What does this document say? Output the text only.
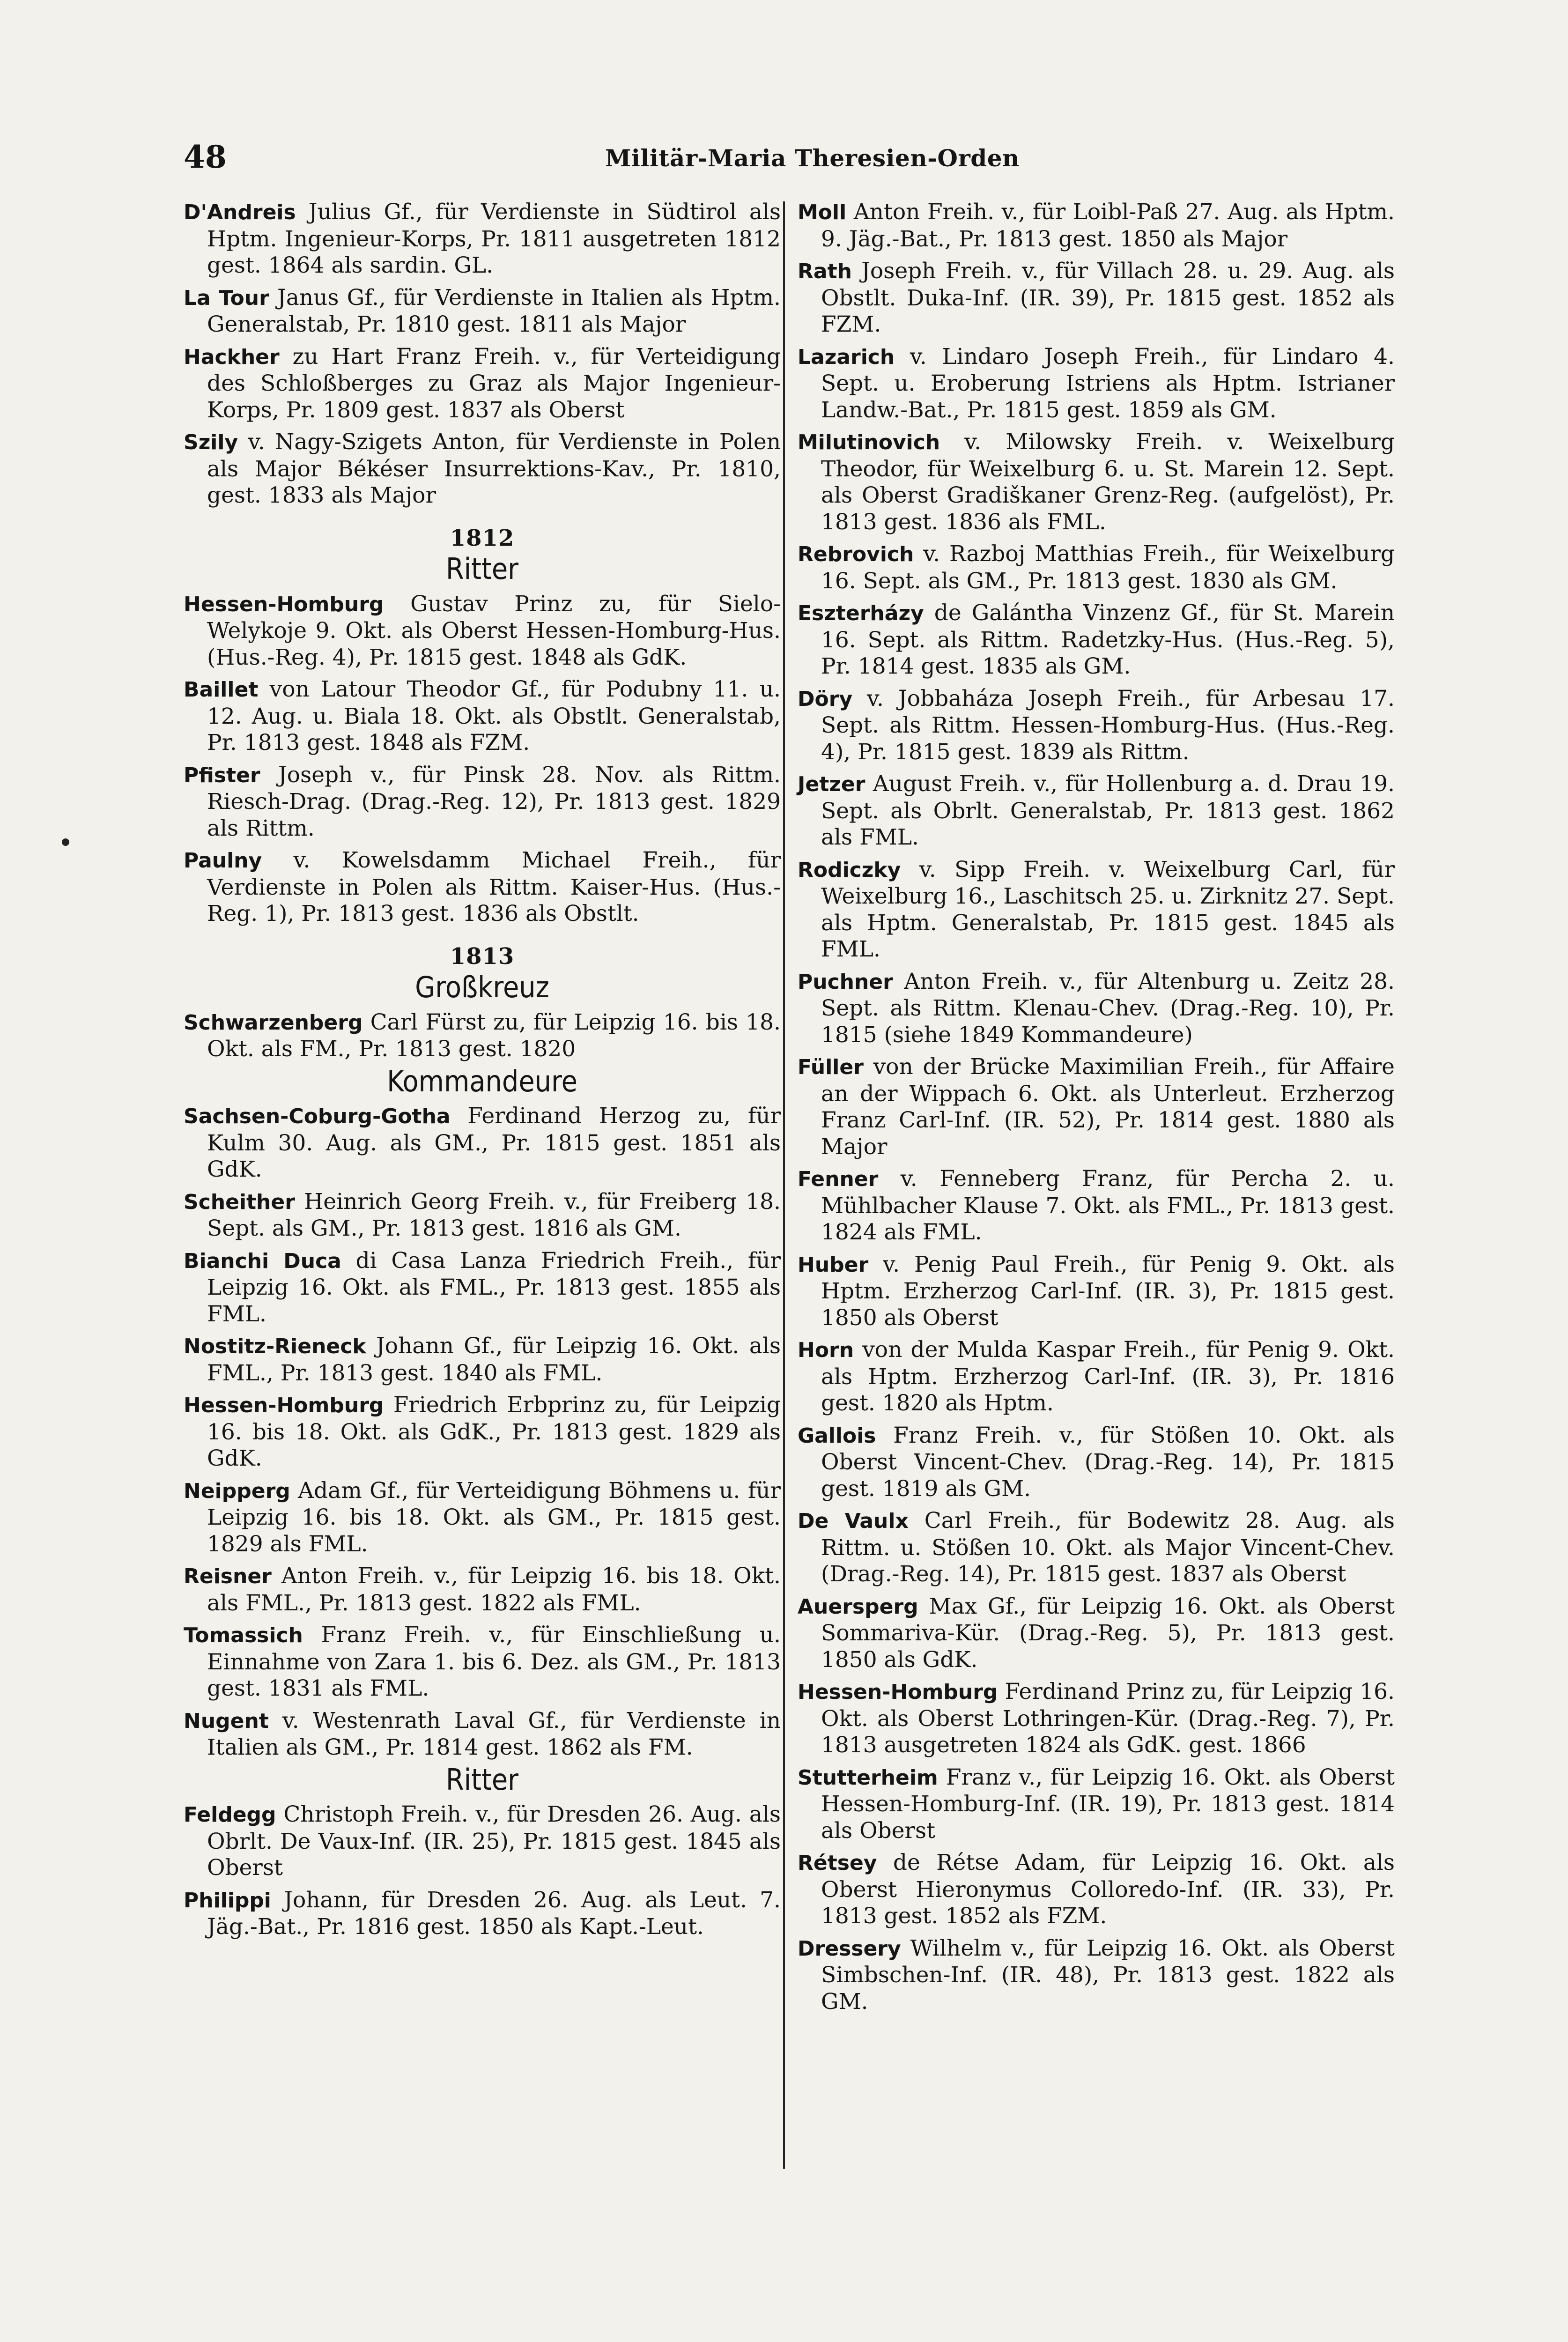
48	Militär-Maria Theresien-Orden

D'Andreis Julius Gf., für Verdienste in Südtirol als Hptm. Ingenieur-Korps, Pr. 1811 ausgetreten 1812 gest. 1864 als sardin. GL.

La Tour Janus Gf., für Verdienste in Italien als Hptm. Generalstab, Pr. 1810 gest. 1811 als Major

Hackher zu Hart Franz Freih. v., für Verteidigung des Schloßberges zu Graz als Major Ingenieur-Korps, Pr. 1809 gest. 1837 als Oberst

Szily v. Nagy-Szigets Anton, für Verdienste in Polen als Major Békéser Insurrektions-Kav., Pr. 1810, gest. 1833 als Major

1812
Ritter

Hessen-Homburg Gustav Prinz zu, für Sielo-Welykoje 9. Okt. als Oberst Hessen-Homburg-Hus. (Hus.-Reg. 4), Pr. 1815 gest. 1848 als GdK.

Baillet von Latour Theodor Gf., für Podubny 11. u. 12. Aug. u. Biala 18. Okt. als Obstlt. Generalstab, Pr. 1813 gest. 1848 als FZM.

Pfister Joseph v., für Pinsk 28. Nov. als Rittm. Riesch-Drag. (Drag.-Reg. 12), Pr. 1813 gest. 1829 als Rittm.

Paulny v. Kowelsdamm Michael Freih., für Verdienste in Polen als Rittm. Kaiser-Hus. (Hus.-Reg. 1), Pr. 1813 gest. 1836 als Obstlt.

1813
Großkreuz

Schwarzenberg Carl Fürst zu, für Leipzig 16. bis 18. Okt. als FM., Pr. 1813 gest. 1820

Kommandeure

Sachsen-Coburg-Gotha Ferdinand Herzog zu, für Kulm 30. Aug. als GM., Pr. 1815 gest. 1851 als GdK.

Scheither Heinrich Georg Freih. v., für Freiberg 18. Sept. als GM., Pr. 1813 gest. 1816 als GM.

Bianchi Duca di Casa Lanza Friedrich Freih., für Leipzig 16. Okt. als FML., Pr. 1813 gest. 1855 als FML.

Nostitz-Rieneck Johann Gf., für Leipzig 16. Okt. als FML., Pr. 1813 gest. 1840 als FML.

Hessen-Homburg Friedrich Erbprinz zu, für Leipzig 16. bis 18. Okt. als GdK., Pr. 1813 gest. 1829 als GdK.

Neipperg Adam Gf., für Verteidigung Böhmens u. für Leipzig 16. bis 18. Okt. als GM., Pr. 1815 gest. 1829 als FML.

Reisner Anton Freih. v., für Leipzig 16. bis 18. Okt. als FML., Pr. 1813 gest. 1822 als FML.

Tomassich Franz Freih. v., für Einschließung u. Einnahme von Zara 1. bis 6. Dez. als GM., Pr. 1813 gest. 1831 als FML.

Nugent v. Westenrath Laval Gf., für Verdienste in Italien als GM., Pr. 1814 gest. 1862 als FM.

Ritter

Feldegg Christoph Freih. v., für Dresden 26. Aug. als Obrlt. De Vaux-Inf. (IR. 25), Pr. 1815 gest. 1845 als Oberst

Philippi Johann, für Dresden 26. Aug. als Leut. 7. Jäg.-Bat., Pr. 1816 gest. 1850 als Kapt.-Leut.

Moll Anton Freih. v., für Loibl-Paß 27. Aug. als Hptm. 9. Jäg.-Bat., Pr. 1813 gest. 1850 als Major

Rath Joseph Freih. v., für Villach 28. u. 29. Aug. als Obstlt. Duka-Inf. (IR. 39), Pr. 1815 gest. 1852 als FZM.

Lazarich v. Lindaro Joseph Freih., für Lindaro 4. Sept. u. Eroberung Istriens als Hptm. Istrianer Landw.-Bat., Pr. 1815 gest. 1859 als GM.

Milutinovich v. Milowsky Freih. v. Weixelburg Theodor, für Weixelburg 6. u. St. Marein 12. Sept. als Oberst Gradiškaner Grenz-Reg. (aufgelöst), Pr. 1813 gest. 1836 als FML.

Rebrovich v. Razboj Matthias Freih., für Weixelburg 16. Sept. als GM., Pr. 1813 gest. 1830 als GM.

Eszterházy de Galántha Vinzenz Gf., für St. Marein 16. Sept. als Rittm. Radetzky-Hus. (Hus.-Reg. 5), Pr. 1814 gest. 1835 als GM.

Döry v. Jobbaháza Joseph Freih., für Arbesau 17. Sept. als Rittm. Hessen-Homburg-Hus. (Hus.-Reg. 4), Pr. 1815 gest. 1839 als Rittm.

Jetzer August Freih. v., für Hollenburg a. d. Drau 19. Sept. als Obrlt. Generalstab, Pr. 1813 gest. 1862 als FML.

Rodiczky v. Sipp Freih. v. Weixelburg Carl, für Weixelburg 16., Laschitsch 25. u. Zirknitz 27. Sept. als Hptm. Generalstab, Pr. 1815 gest. 1845 als FML.

Puchner Anton Freih. v., für Altenburg u. Zeitz 28. Sept. als Rittm. Klenau-Chev. (Drag.-Reg. 10), Pr. 1815 (siehe 1849 Kommandeure)

Füller von der Brücke Maximilian Freih., für Affaire an der Wippach 6. Okt. als Unterleut. Erzherzog Franz Carl-Inf. (IR. 52), Pr. 1814 gest. 1880 als Major

Fenner v. Fenneberg Franz, für Percha 2. u. Mühlbacher Klause 7. Okt. als FML., Pr. 1813 gest. 1824 als FML.

Huber v. Penig Paul Freih., für Penig 9. Okt. als Hptm. Erzherzog Carl-Inf. (IR. 3), Pr. 1815 gest. 1850 als Oberst

Horn von der Mulda Kaspar Freih., für Penig 9. Okt. als Hptm. Erzherzog Carl-Inf. (IR. 3), Pr. 1816 gest. 1820 als Hptm.

Gallois Franz Freih. v., für Stößen 10. Okt. als Oberst Vincent-Chev. (Drag.-Reg. 14), Pr. 1815 gest. 1819 als GM.

De Vaulx Carl Freih., für Bodewitz 28. Aug. als Rittm. u. Stößen 10. Okt. als Major Vincent-Chev. (Drag.-Reg. 14), Pr. 1815 gest. 1837 als Oberst

Auersperg Max Gf., für Leipzig 16. Okt. als Oberst Sommariva-Kür. (Drag.-Reg. 5), Pr. 1813 gest. 1850 als GdK.

Hessen-Homburg Ferdinand Prinz zu, für Leipzig 16. Okt. als Oberst Lothringen-Kür. (Drag.-Reg. 7), Pr. 1813 ausgetreten 1824 als GdK. gest. 1866

Stutterheim Franz v., für Leipzig 16. Okt. als Oberst Hessen-Homburg-Inf. (IR. 19), Pr. 1813 gest. 1814 als Oberst

Rétsey de Rétse Adam, für Leipzig 16. Okt. als Oberst Hieronymus Colloredo-Inf. (IR. 33), Pr. 1813 gest. 1852 als FZM.

Dressery Wilhelm v., für Leipzig 16. Okt. als Oberst Simbschen-Inf. (IR. 48), Pr. 1813 gest. 1822 als GM.
